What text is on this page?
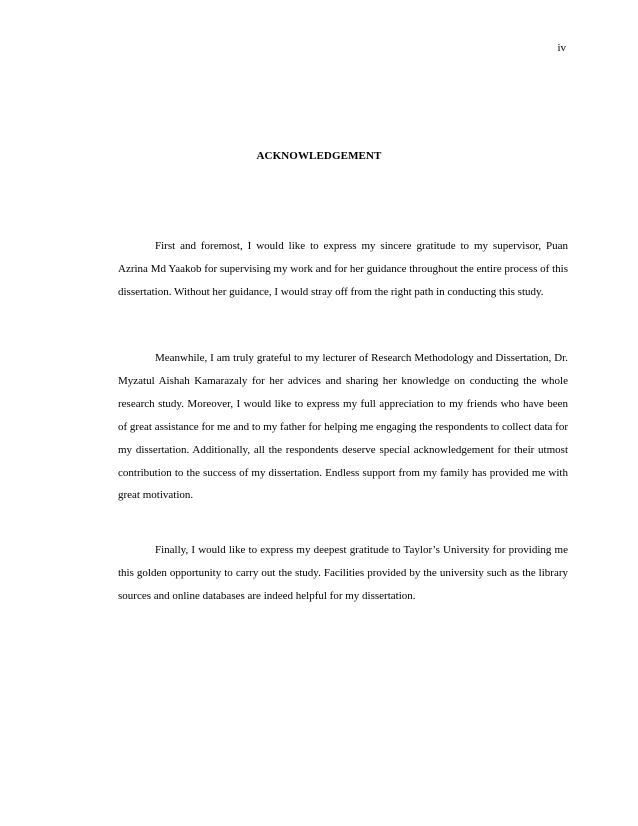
iv
ACKNOWLEDGEMENT

First and foremost, I would like to express my sincere gratitude to my supervisor, Puan Azrina Md Yaakob for supervising my work and for her guidance throughout the entire process of this dissertation. Without her guidance, I would stray off from the right path in conducting this study.

Meanwhile, I am truly grateful to my lecturer of Research Methodology and Dissertation, Dr. Myzatul Aishah Kamarazaly for her advices and sharing her knowledge on conducting the whole research study. Moreover, I would like to express my full appreciation to my friends who have been of great assistance for me and to my father for helping me engaging the respondents to collect data for my dissertation. Additionally, all the respondents deserve special acknowledgement for their utmost contribution to the success of my dissertation. Endless support from my family has provided me with great motivation.

Finally, I would like to express my deepest gratitude to Taylor’s University for providing me this golden opportunity to carry out the study. Facilities provided by the university such as the library sources and online databases are indeed helpful for my dissertation.
